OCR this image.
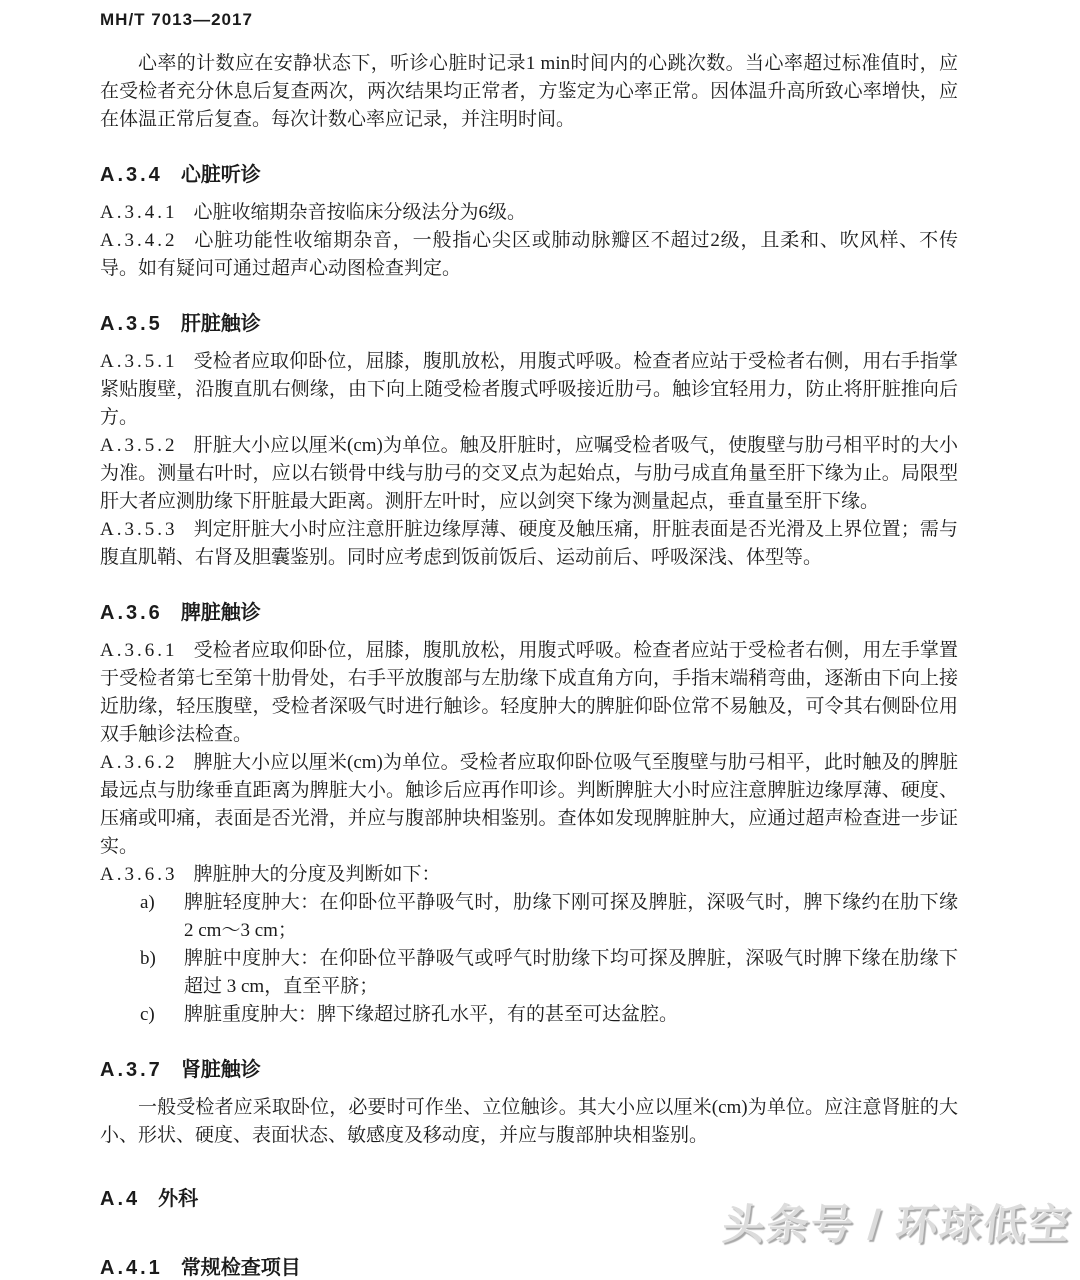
MH/T 7013—2017
心率的计数应在安静状态下，听诊心脏时记录1 min时间内的心跳次数。当心率超过标准值时，应在受检者充分休息后复查两次，两次结果均正常者，方鉴定为心率正常。因体温升高所致心率增快，应在体温正常后复查。每次计数心率应记录，并注明时间。
A.3.4 心脏听诊
A.3.4.1 心脏收缩期杂音按临床分级法分为6级。
A.3.4.2 心脏功能性收缩期杂音，一般指心尖区或肺动脉瓣区不超过2级，且柔和、吹风样、不传导。如有疑问可通过超声心动图检查判定。
A.3.5 肝脏触诊
A.3.5.1 受检者应取仰卧位，屈膝，腹肌放松，用腹式呼吸。检查者应站于受检者右侧，用右手指掌紧贴腹壁，沿腹直肌右侧缘，由下向上随受检者腹式呼吸接近肋弓。触诊宜轻用力，防止将肝脏推向后方。
A.3.5.2 肝脏大小应以厘米(cm)为单位。触及肝脏时，应嘱受检者吸气，使腹壁与肋弓相平时的大小为准。测量右叶时，应以右锁骨中线与肋弓的交叉点为起始点，与肋弓成直角量至肝下缘为止。局限型肝大者应测肋缘下肝脏最大距离。测肝左叶时，应以剑突下缘为测量起点，垂直量至肝下缘。
A.3.5.3 判定肝脏大小时应注意肝脏边缘厚薄、硬度及触压痛，肝脏表面是否光滑及上界位置；需与腹直肌鞘、右肾及胆囊鉴别。同时应考虑到饭前饭后、运动前后、呼吸深浅、体型等。
A.3.6 脾脏触诊
A.3.6.1 受检者应取仰卧位，屈膝，腹肌放松，用腹式呼吸。检查者应站于受检者右侧，用左手掌置于受检者第七至第十肋骨处，右手平放腹部与左肋缘下成直角方向，手指末端稍弯曲，逐渐由下向上接近肋缘，轻压腹壁，受检者深吸气时进行触诊。轻度肿大的脾脏仰卧位常不易触及，可令其右侧卧位用双手触诊法检查。
A.3.6.2 脾脏大小应以厘米(cm)为单位。受检者应取仰卧位吸气至腹壁与肋弓相平，此时触及的脾脏最远点与肋缘垂直距离为脾脏大小。触诊后应再作叩诊。判断脾脏大小时应注意脾脏边缘厚薄、硬度、压痛或叩痛，表面是否光滑，并应与腹部肿块相鉴别。查体如发现脾脏肿大，应通过超声检查进一步证实。
A.3.6.3 脾脏肿大的分度及判断如下：
a) 脾脏轻度肿大：在仰卧位平静吸气时，肋缘下刚可探及脾脏，深吸气时，脾下缘约在肋下缘 2 cm～3 cm；
b) 脾脏中度肿大：在仰卧位平静吸气或呼气时肋缘下均可探及脾脏，深吸气时脾下缘在肋缘下超过 3 cm，直至平脐；
c) 脾脏重度肿大：脾下缘超过脐孔水平，有的甚至可达盆腔。
A.3.7 肾脏触诊
一般受检者应采取卧位，必要时可作坐、立位触诊。其大小应以厘米(cm)为单位。应注意肾脏的大小、形状、硬度、表面状态、敏感度及移动度，并应与腹部肿块相鉴别。
A.4 外科
A.4.1 常规检查项目
头条号 / 环球低空
